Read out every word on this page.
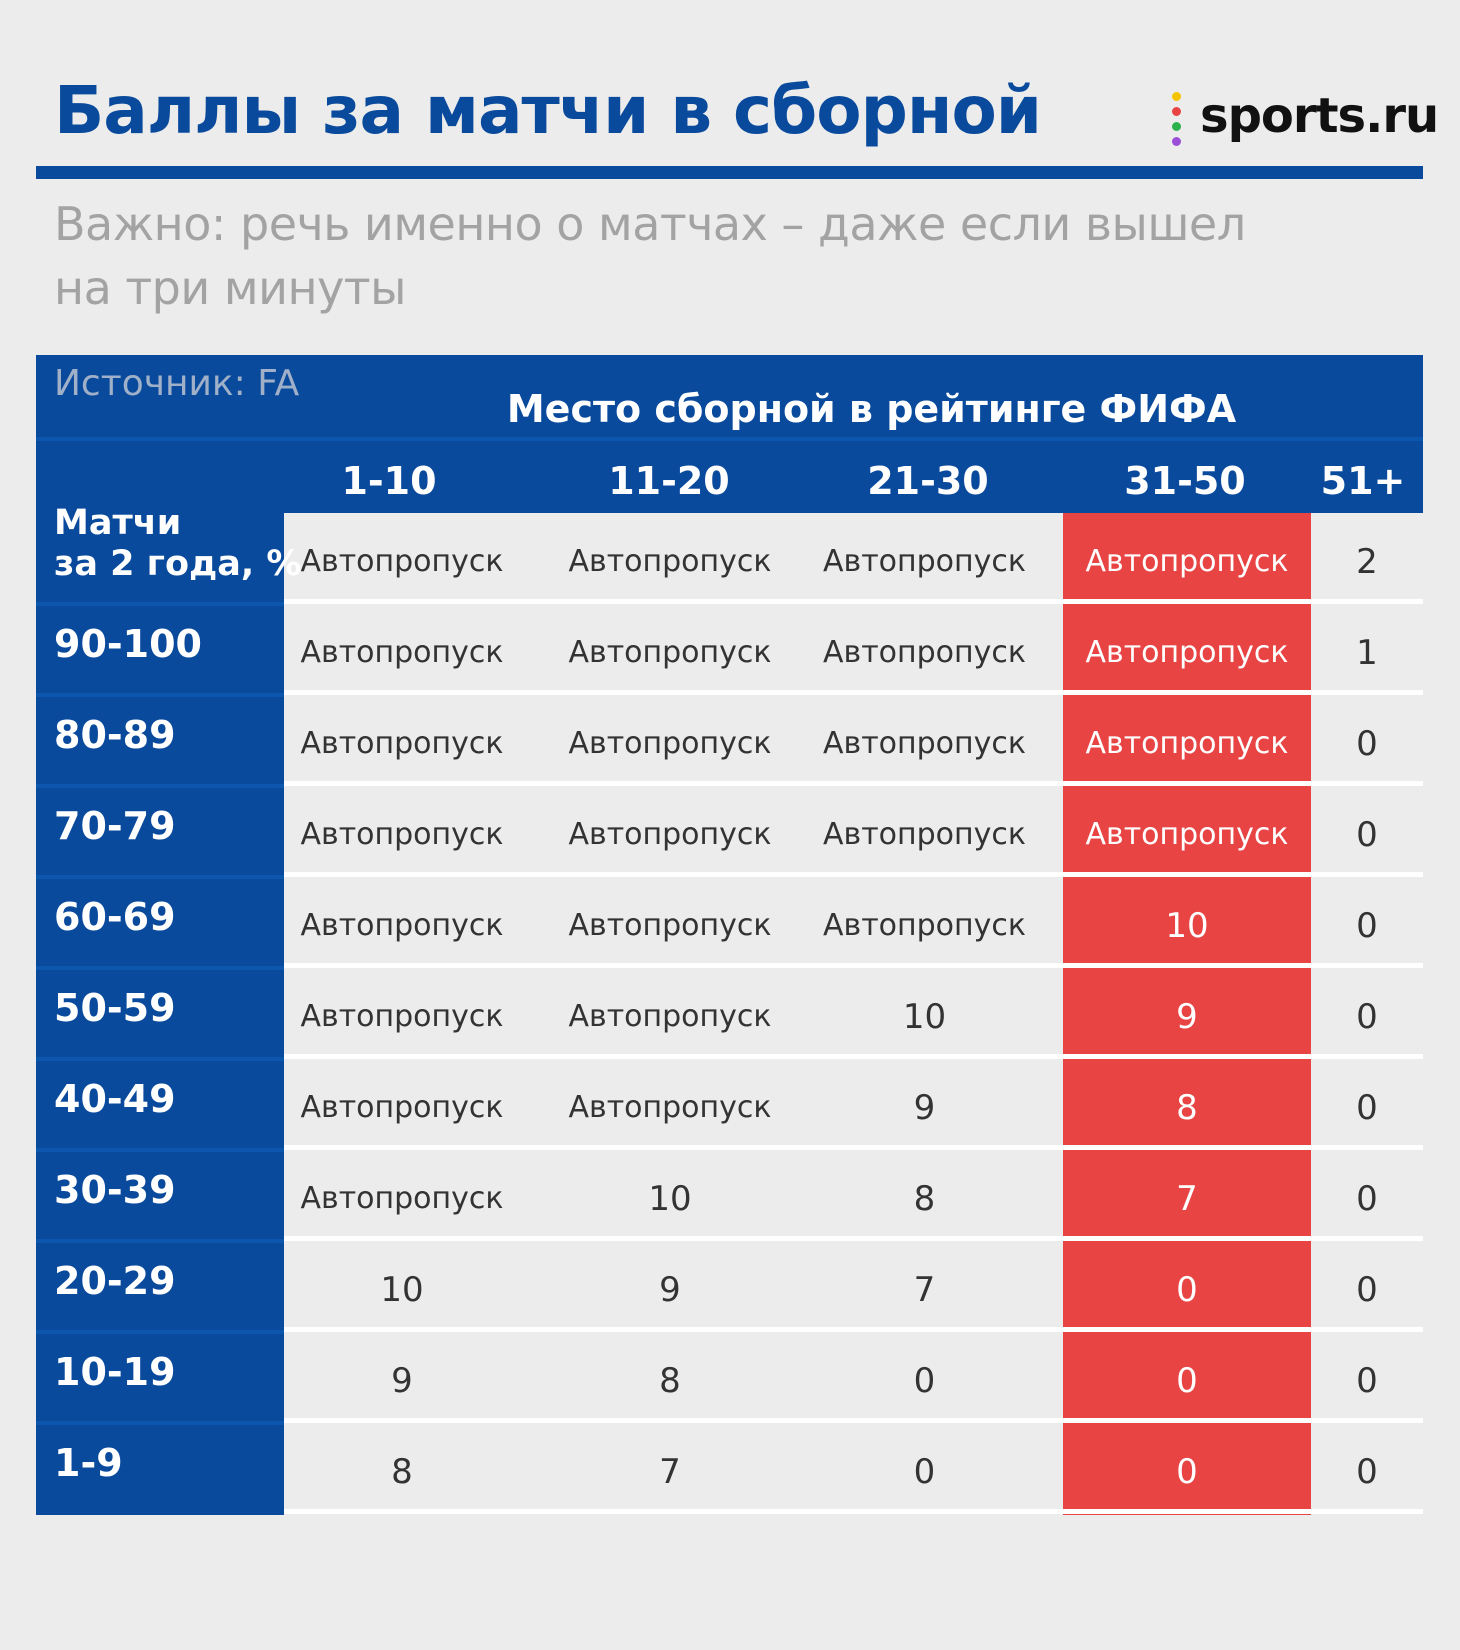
Баллы за матчи в сборной	sports.ru
Важно: речь именно о матчах – даже если вышел
на три минуты
Источник: FA
Место сборной в рейтинге ФИФА
Матчи
за 2 года, %
1-10	11-20	21-30	31-50	51+
Автопропуск	Автопропуск	Автопропуск	Автопропуск	2
90-100	Автопропуск	Автопропуск	Автопропуск	Автопропуск	1
80-89	Автопропуск	Автопропуск	Автопропуск	Автопропуск	0
70-79	Автопропуск	Автопропуск	Автопропуск	Автопропуск	0
60-69	Автопропуск	Автопропуск	Автопропуск	10	0
50-59	Автопропуск	Автопропуск	10	9	0
40-49	Автопропуск	Автопропуск	9	8	0
30-39	Автопропуск	10	8	7	0
20-29	10	9	7	0	0
10-19	9	8	0	0	0
1-9	8	7	0	0	0
